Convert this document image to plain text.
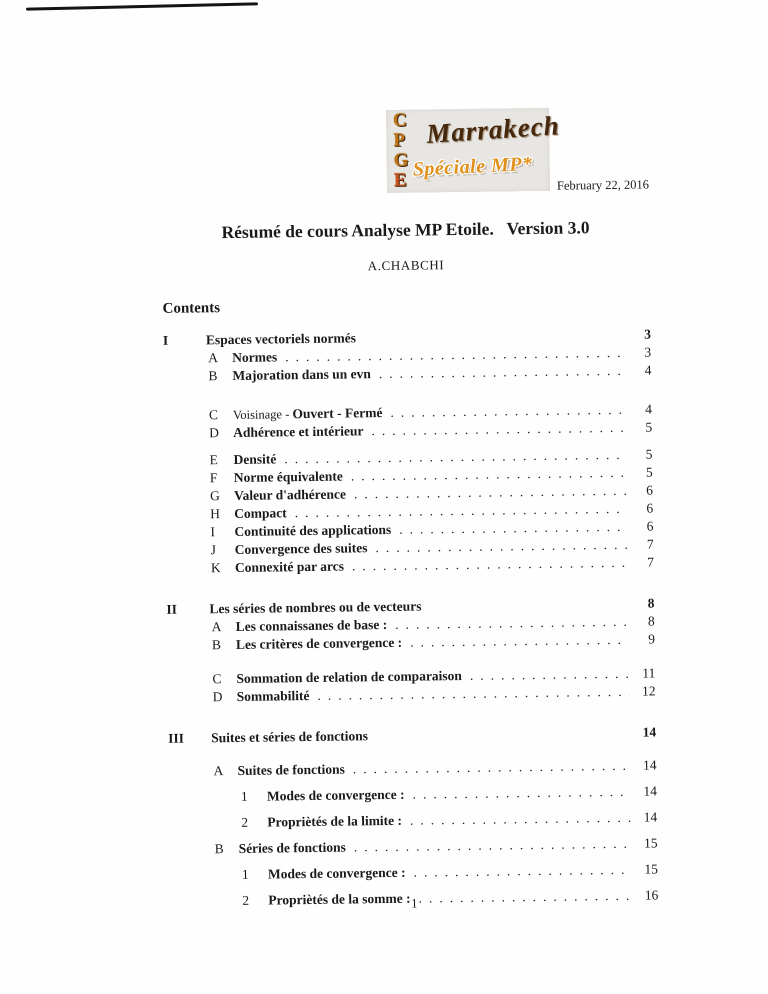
C
P
G
E
Marrakech
Spéciale MP*
February 22, 2016
Résumé de cours Analyse MP Etoile.   Version 3.0
A.CHABCHI
Contents
I	Espaces vectoriels normés	3
A	Normes .....	3
B	Majoration dans un evn .....	4
C	Voisinage - Ouvert - Fermé .....	4
D	Adhérence et intérieur .....	5
E	Densité .....	5
F	Norme équivalente .....	5
G	Valeur d'adhérence .....	6
H	Compact .....	6
I	Continuité des applications .....	6
J	Convergence des suites .....	7
K	Connexité par arcs .....	7
II	Les séries de nombres ou de vecteurs	8
A	Les connaissanes de base : .....	8
B	Les critères de convergence : .....	9
C	Sommation de relation de comparaison .....	11
D	Sommabilité .....	12
III	Suites et séries de fonctions	14
A	Suites de fonctions .....	14
1	Modes de convergence : .....	14
2	Propriètés de la limite : .....	14
B	Séries de fonctions .....	15
1	Modes de convergence : .....	15
2	Propriètés de la somme : .....	16
1
